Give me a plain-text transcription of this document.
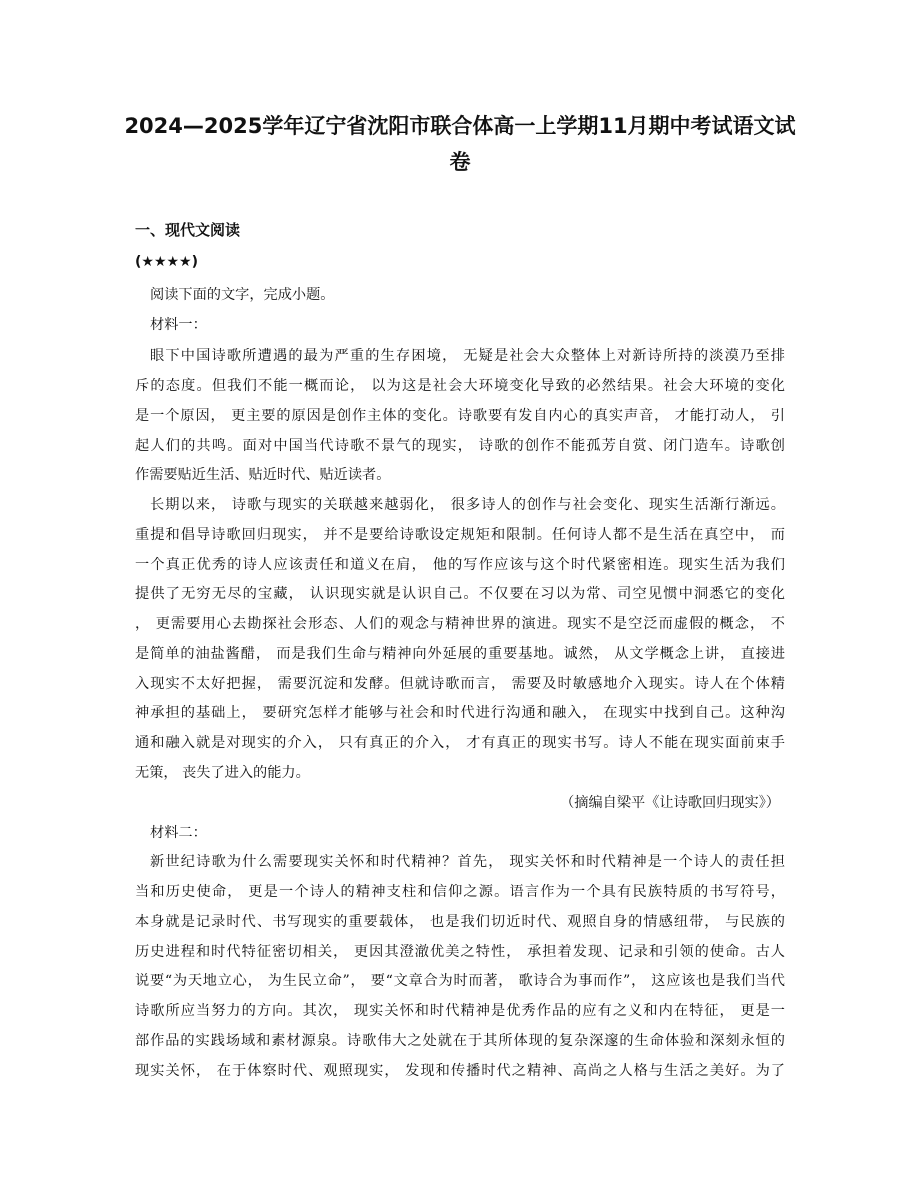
2024—2025学年辽宁省沈阳市联合体高一上学期11月期中考试语文试
卷
一、现代文阅读
(★★★★)
阅读下面的文字，完成小题。
材料一：
眼下中国诗歌所遭遇的最为严重的生存困境， 无疑是社会大众整体上对新诗所持的淡漠乃至排
斥的态度。但我们不能一概而论， 以为这是社会大环境变化导致的必然结果。社会大环境的变化
是一个原因， 更主要的原因是创作主体的变化。诗歌要有发自内心的真实声音， 才能打动人， 引
起人们的共鸣。面对中国当代诗歌不景气的现实， 诗歌的创作不能孤芳自赏、闭门造车。诗歌创
作需要贴近生活、贴近时代、贴近读者。
长期以来， 诗歌与现实的关联越来越弱化， 很多诗人的创作与社会变化、现实生活渐行渐远。
重提和倡导诗歌回归现实， 并不是要给诗歌设定规矩和限制。任何诗人都不是生活在真空中， 而
一个真正优秀的诗人应该责任和道义在肩， 他的写作应该与这个时代紧密相连。现实生活为我们
提供了无穷无尽的宝藏， 认识现实就是认识自己。不仅要在习以为常、司空见惯中洞悉它的变化
， 更需要用心去勘探社会形态、人们的观念与精神世界的演进。现实不是空泛而虚假的概念， 不
是简单的油盐酱醋， 而是我们生命与精神向外延展的重要基地。诚然， 从文学概念上讲， 直接进
入现实不太好把握， 需要沉淀和发酵。但就诗歌而言， 需要及时敏感地介入现实。诗人在个体精
神承担的基础上， 要研究怎样才能够与社会和时代进行沟通和融入， 在现实中找到自己。这种沟
通和融入就是对现实的介入， 只有真正的介入， 才有真正的现实书写。诗人不能在现实面前束手
无策， 丧失了进入的能力。
（摘编自梁平《让诗歌回归现实》）
材料二：
新世纪诗歌为什么需要现实关怀和时代精神？首先， 现实关怀和时代精神是一个诗人的责任担
当和历史使命， 更是一个诗人的精神支柱和信仰之源。语言作为一个具有民族特质的书写符号，
本身就是记录时代、书写现实的重要载体， 也是我们切近时代、观照自身的情感纽带， 与民族的
历史进程和时代特征密切相关， 更因其澄澈优美之特性， 承担着发现、记录和引领的使命。古人
说要“为天地立心， 为生民立命”， 要“文章合为时而著， 歌诗合为事而作”， 这应该也是我们当代
诗歌所应当努力的方向。其次， 现实关怀和时代精神是优秀作品的应有之义和内在特征， 更是一
部作品的实践场域和素材源泉。诗歌伟大之处就在于其所体现的复杂深邃的生命体验和深刻永恒的
现实关怀， 在于体察时代、观照现实， 发现和传播时代之精神、高尚之人格与生活之美好。为了
